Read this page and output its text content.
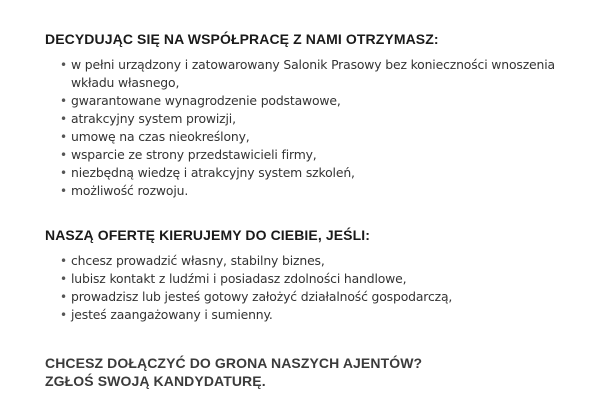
DECYDUJĄC SIĘ NA WSPÓŁPRACĘ Z NAMI OTRZYMASZ:
• w pełni urządzony i zatowarowany Salonik Prasowy bez konieczności wnoszenia wkładu własnego,
• gwarantowane wynagrodzenie podstawowe,
• atrakcyjny system prowizji,
• umowę na czas nieokreślony,
• wsparcie ze strony przedstawicieli firmy,
• niezbędną wiedzę i atrakcyjny system szkoleń,
• możliwość rozwoju.
NASZĄ OFERTĘ KIERUJEMY DO CIEBIE, JEŚLI:
• chcesz prowadzić własny, stabilny biznes,
• lubisz kontakt z ludźmi i posiadasz zdolności handlowe,
• prowadzisz lub jesteś gotowy założyć działalność gospodarczą,
• jesteś zaangażowany i sumienny.
CHCESZ DOŁĄCZYĆ DO GRONA NASZYCH AJENTÓW?
ZGŁOŚ SWOJĄ KANDYDATURĘ.
